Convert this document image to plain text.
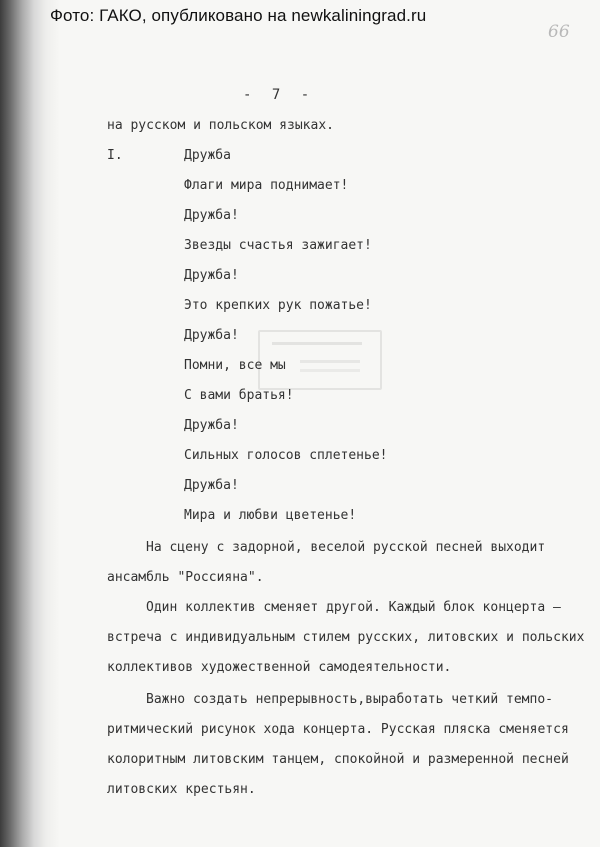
Фото: ГАКО, опубликовано на newkaliningrad.ru
66
- 7 -
на русском и польском языках.
I.	Дружба
Флаги мира поднимает!
Дружба!
Звезды счастья зажигает!
Дружба!
Это крепких рук пожатье!
Дружба!
Помни, все мы
С вами братья!
Дружба!
Сильных голосов сплетенье!
Дружба!
Мира и любви цветенье!
На сцену с задорной, веселой русской песней выходит
ансамбль "Россияна".
Один коллектив сменяет другой. Каждый блок концерта –
встреча с индивидуальным стилем русских, литовских и польских
коллективов художественной самодеятельности.
Важно создать непрерывность,выработать четкий темпо-
ритмический рисунок хода концерта. Русская пляска сменяется
колоритным литовским танцем, спокойной и размеренной песней
литовских крестьян.
